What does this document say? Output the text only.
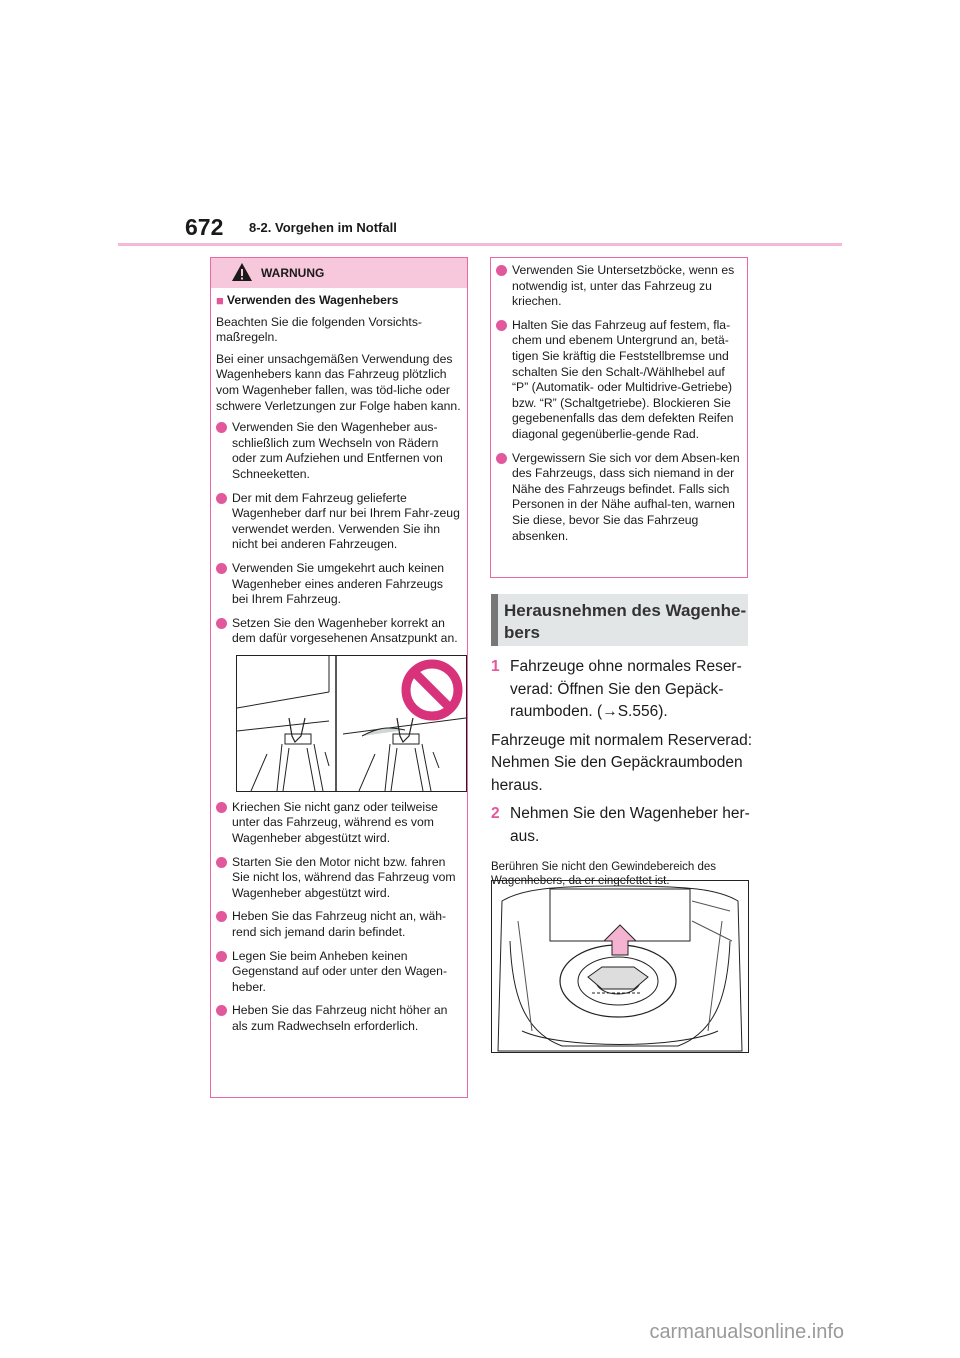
672 8-2. Vorgehen im Notfall
WARNUNG
■ Verwenden des Wagenhebers

Beachten Sie die folgenden Vorsichts-maßregeln.

Bei einer unsachgemäßen Verwendung des Wagenhebers kann das Fahrzeug plötzlich vom Wagenheber fallen, was töd-liche oder schwere Verletzungen zur Folge haben kann.

Verwenden Sie den Wagenheber aus-schließlich zum Wechseln von Rädern oder zum Aufziehen und Entfernen von Schneeketten.
Der mit dem Fahrzeug gelieferte Wagenheber darf nur bei Ihrem Fahr-zeug verwendet werden. Verwenden Sie ihn nicht bei anderen Fahrzeugen.
Verwenden Sie umgekehrt auch keinen Wagenheber eines anderen Fahrzeugs bei Ihrem Fahrzeug.
Setzen Sie den Wagenheber korrekt an dem dafür vorgesehenen Ansatzpunkt an.
Kriechen Sie nicht ganz oder teilweise unter das Fahrzeug, während es vom Wagenheber abgestützt wird.
Starten Sie den Motor nicht bzw. fahren Sie nicht los, während das Fahrzeug vom Wagenheber abgestützt wird.
Heben Sie das Fahrzeug nicht an, wäh-rend sich jemand darin befindet.
Legen Sie beim Anheben keinen Gegenstand auf oder unter den Wagen-heber.
Heben Sie das Fahrzeug nicht höher an als zum Radwechseln erforderlich.
Verwenden Sie Untersetzböcke, wenn es notwendig ist, unter das Fahrzeug zu kriechen.
Halten Sie das Fahrzeug auf festem, fla-chem und ebenem Untergrund an, betä-tigen Sie kräftig die Feststellbremse und schalten Sie den Schalt-/Wählhebel auf “P” (Automatik- oder Multidrive-Getriebe) bzw. “R” (Schaltgetriebe). Blockieren Sie gegebenenfalls das dem defekten Reifen diagonal gegenüberlie-gende Rad.
Vergewissern Sie sich vor dem Absen-ken des Fahrzeugs, dass sich niemand in der Nähe des Fahrzeugs befindet. Falls sich Personen in der Nähe aufhal-ten, warnen Sie diese, bevor Sie das Fahrzeug absenken.
Herausnehmen des Wagenhe-bers
1 Fahrzeuge ohne normales Reser-verad: Öffnen Sie den Gepäck-raumboden. (→S.556).

Fahrzeuge mit normalem Reserverad: Nehmen Sie den Gepäckraumboden heraus.

2 Nehmen Sie den Wagenheber her-aus.
Berühren Sie nicht den Gewindebereich des Wagenhebers, da er eingefettet ist.
carmanualsonline.info
